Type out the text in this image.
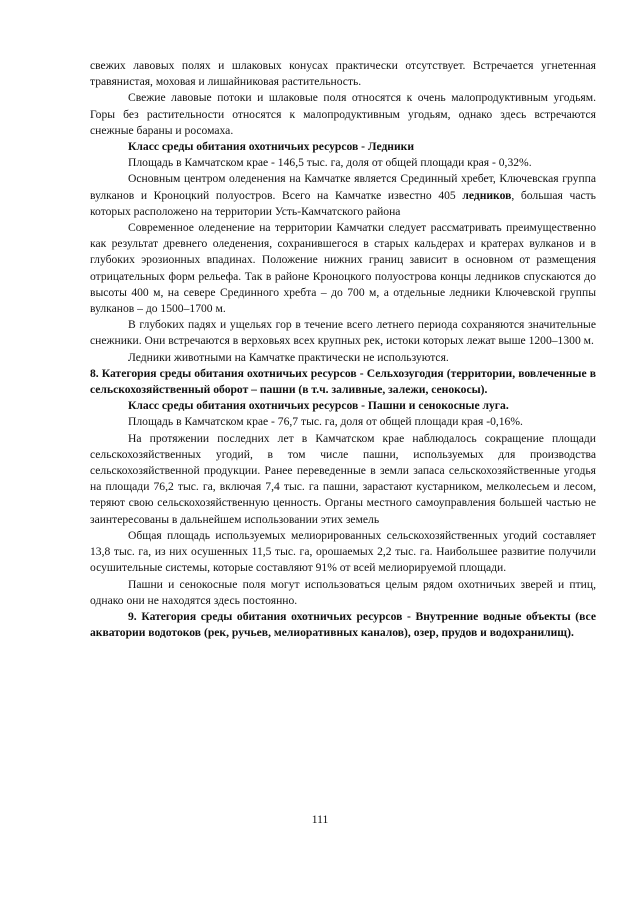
свежих лавовых полях и шлаковых конусах практически отсутствует. Встречается угнетенная травянистая, моховая и лишайниковая растительность.

Свежие лавовые потоки и шлаковые поля относятся к очень малопродуктивным угодьям. Горы без растительности относятся к малопродуктивным угодьям, однако здесь встречаются снежные бараны и росомаха.

Класс среды обитания охотничьих ресурсов - Ледники

Площадь в Камчатском крае - 146,5 тыс. га, доля от общей площади края - 0,32%.

Основным центром оледенения на Камчатке является Срединный хребет, Ключевская группа вулканов и Кроноцкий полуостров. Всего на Камчатке известно 405 ледников, большая часть которых расположено на территории Усть-Камчатского района

Современное оледенение на территории Камчатки следует рассматривать преимущественно как результат древнего оледенения, сохранившегося в старых кальдерах и кратерах вулканов и в глубоких эрозионных впадинах. Положение нижних границ зависит в основном от размещения отрицательных форм рельефа. Так в районе Кроноцкого полуострова концы ледников спускаются до высоты 400 м, на севере Срединного хребта – до 700 м, а отдельные ледники Ключевской группы вулканов – до 1500–1700 м.

В глубоких падях и ущельях гор в течение всего летнего периода сохраняются значительные снежники. Они встречаются в верховьях всех крупных рек, истоки которых лежат выше 1200–1300 м.

Ледники животными на Камчатке практически не используются.

8. Категория среды обитания охотничьих ресурсов - Сельхозугодия (территории, вовлеченные в сельскохозяйственный оборот – пашни (в т.ч. заливные, залежи, сенокосы).

Класс среды обитания охотничьих ресурсов - Пашни и сенокосные луга.

Площадь в Камчатском крае - 76,7 тыс. га, доля от общей площади края -0,16%.

На протяжении последних лет в Камчатском крае наблюдалось сокращение площади сельскохозяйственных угодий, в том числе пашни, используемых для производства сельскохозяйственной продукции. Ранее переведенные в земли запаса сельскохозяйственные угодья на площади 76,2 тыс. га, включая 7,4 тыс. га пашни, зарастают кустарником, мелколесьем и лесом, теряют свою сельскохозяйственную ценность. Органы местного самоуправления большей частью не заинтересованы в дальнейшем использовании этих земель

Общая площадь используемых мелиорированных сельскохозяйственных угодий составляет 13,8 тыс. га, из них осушенных 11,5 тыс. га, орошаемых 2,2 тыс. га. Наибольшее развитие получили осушительные системы, которые составляют 91% от всей мелиорируемой площади.

Пашни и сенокосные поля могут использоваться целым рядом охотничьих зверей и птиц, однако они не находятся здесь постоянно.

9. Категория среды обитания охотничьих ресурсов - Внутренние водные объекты (все акватории водотоков (рек, ручьев, мелиоративных каналов), озер, прудов и водохранилищ).

111
